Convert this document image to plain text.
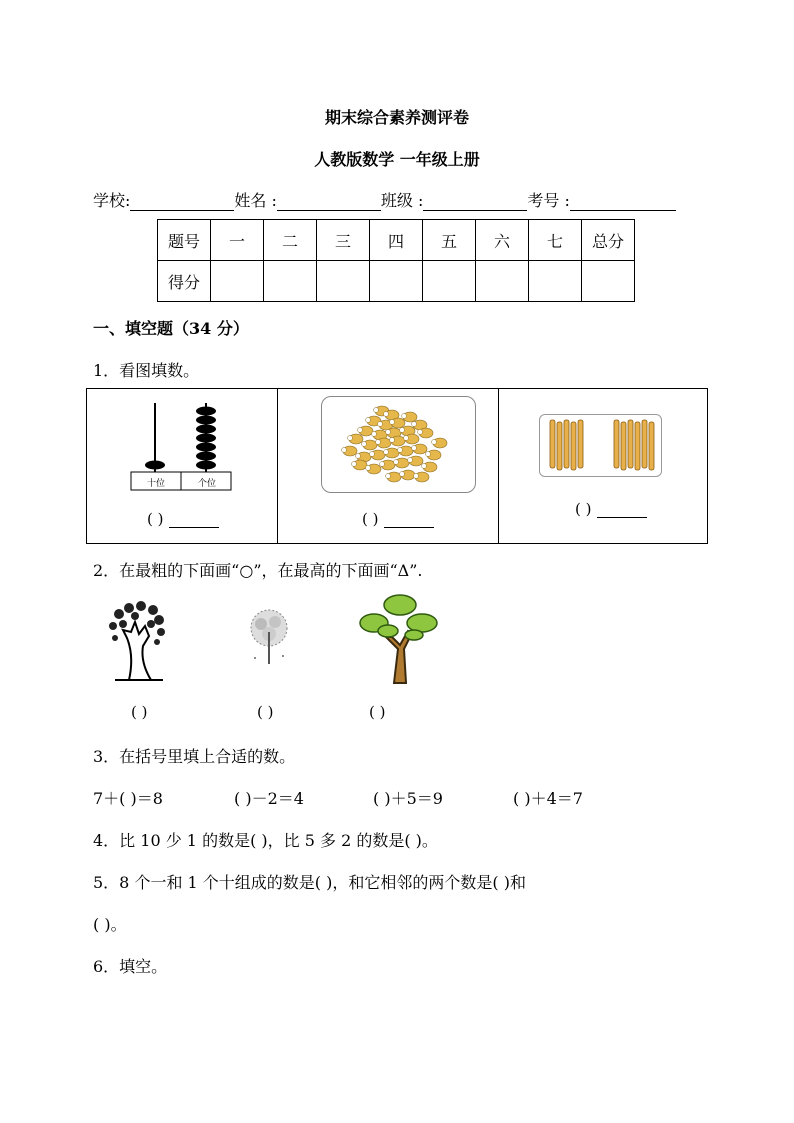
期末综合素养测评卷
人教版数学 一年级上册
学校:	姓名 :	班级 :	考号 :
题号	一	二	三	四	五	六	七	总分
得分								
一、填空题（34 分）
1．看图填数。
十位	个位
( )	( )
( )
2．在最粗的下面画“○”，在最高的下面画“Δ”.
( )	( )	( )
3．在括号里填上合适的数。
7＋( )＝8	( )－2＝4	( )＋5＝9	( )＋4＝7
4．比 10 少 1 的数是( )，比 5 多 2 的数是( )。
5．8 个一和 1 个十组成的数是( )，和它相邻的两个数是( )和
( )。
6．填空。
